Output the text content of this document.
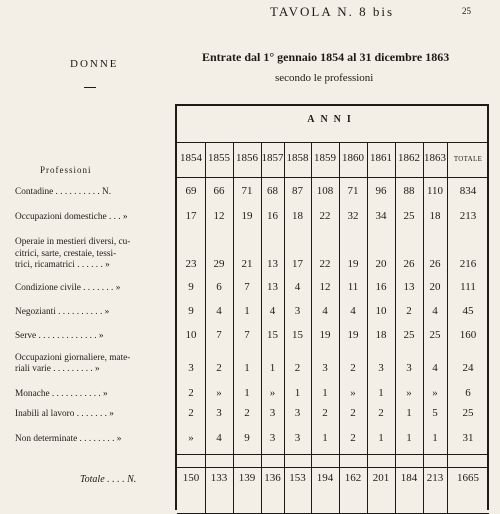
TAVOLA N. 8 bis	25
DONNE	Entrate dal 1° gennaio 1854 al 31 dicembre 1863
secondo le professioni
Professioni
ANNI
1854 1855 1856 1857 1858 1859 1860 1861 1862 1863	TOTALE
Contadine . . . . . . . . . . N.	69	66	71	68	87	108	71	96	88	110	834
Occupazioni domestiche . . . »	17	12	19	16	18	22	32	34	25	18	213
Operaie in mestieri diversi, cu-
citrici, sarte, crestaie, tessi-
trici, ricamatrici . . . . . . »	23	29	21	13	17	22	19	20	26	26	216
Condizione civile . . . . . . . »	9	6	7	13	4	12	11	16	13	20	111
Negozianti . . . . . . . . . . »	9	4	1	4	3	4	4	10	2	4	45
Serve . . . . . . . . . . . . . »	10	7	7	15	15	19	19	18	25	25	160
Occupazioni giornaliere, mate-
riali varie . . . . . . . . . »	3	2	1	1	2	3	2	3	3	4	24
Monache . . . . . . . . . . . »	2	»	1	»	1	1	»	1	»	»	6
Inabili al lavoro . . . . . . . »	2	3	2	3	3	2	2	2	1	5	25
Non determinate . . . . . . . . »	»	4	9	3	3	1	2	1	1	1	31
Totale . . . . N.	150	133	139 136 153	194	162	201	184 213	1665
